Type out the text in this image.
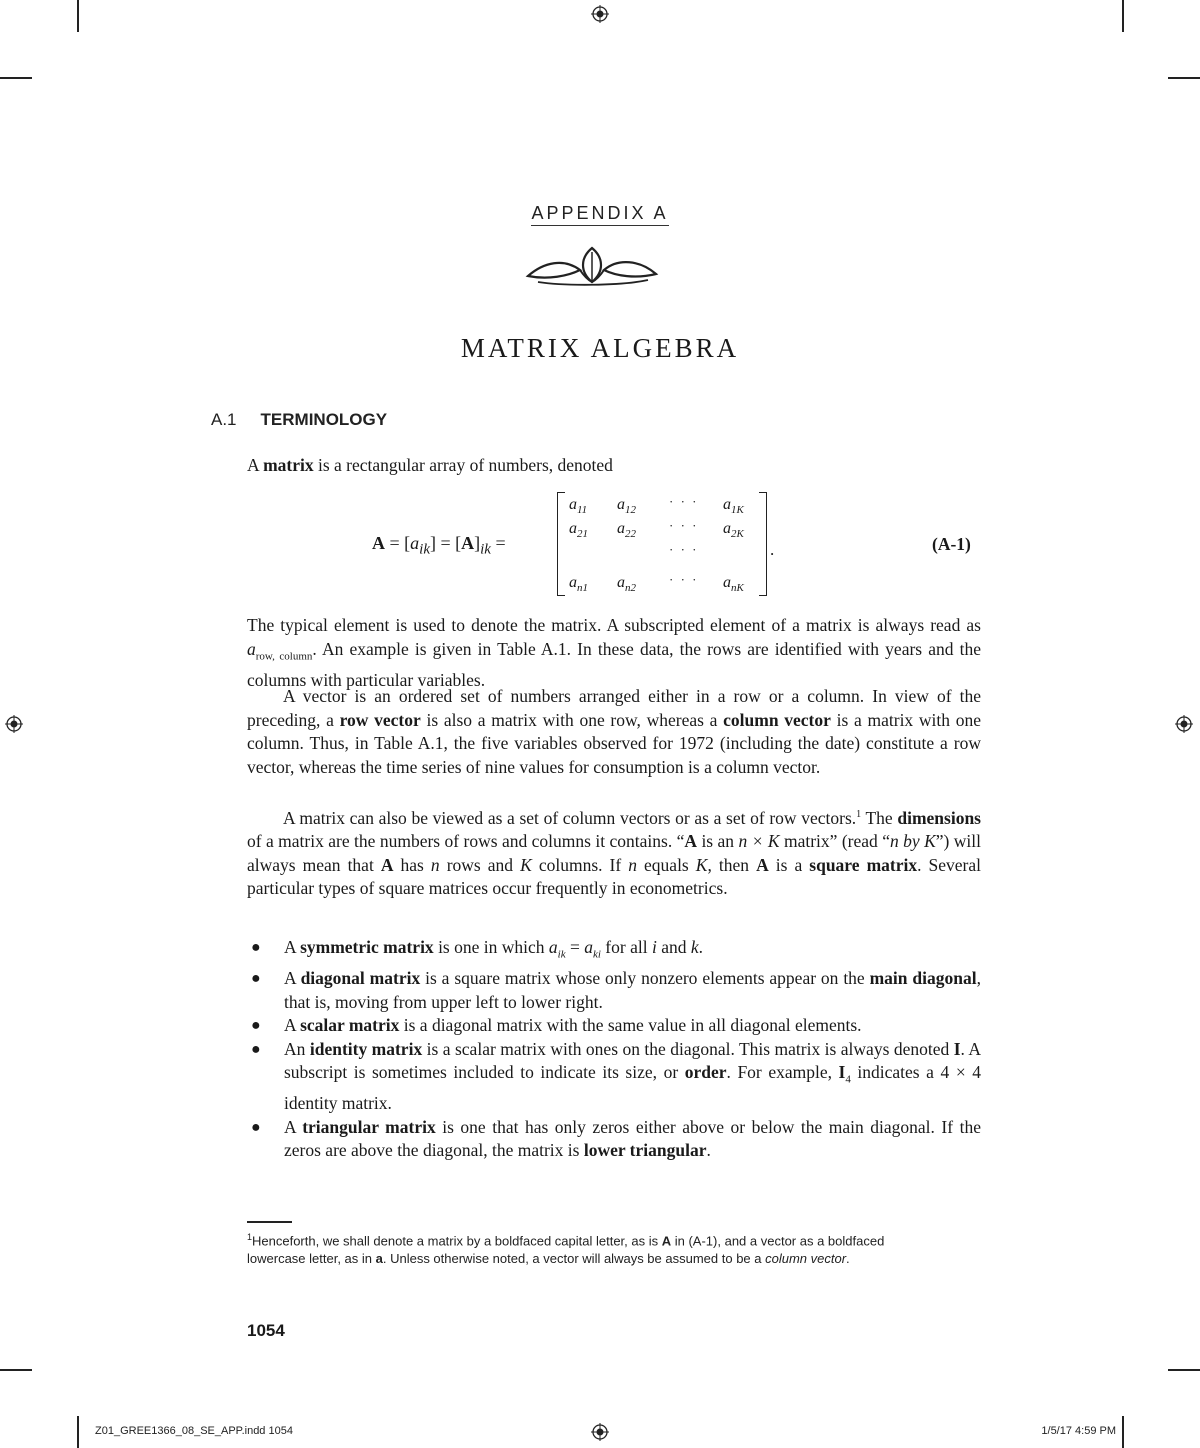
APPENDIX A
MATRIX ALGEBRA
A.1 TERMINOLOGY
A matrix is a rectangular array of numbers, denoted
$A = [a_{ik}] = [A]_{ik}$ =
$a_{11}$ $a_{12}$
· · · $a_{1K}$
$a_{21}$ $a_{22}$
· · · $a_{2K}$
· · ·
$a_{n1}$ $a_{n2}$
· · · $a_{nK}$
.	(A-1)

The typical element is used to denote the matrix. A subscripted element of a matrix is always read as $a_{row, column}$. An example is given in Table A.1. In these data, the rows are identified with years and the columns with particular variables.

A vector is an ordered set of numbers arranged either in a row or a column. In view of the preceding, a row vector is also a matrix with one row, whereas a column vector is a matrix with one column. Thus, in Table A.1, the five variables observed for 1972 (including the date) constitute a row vector, whereas the time series of nine values for consumption is a column vector.

A matrix can also be viewed as a set of column vectors or as a set of row vectors.$^1$ The dimensions of a matrix are the numbers of rows and columns it contains. “A is an n × K matrix” (read “n by K”) will always mean that A has n rows and K columns. If n equals K, then A is a square matrix. Several particular types of square matrices occur frequently in econometrics.

● A symmetric matrix is one in which $a_{ik} = a_{ki}$ for all i and k.
● A diagonal matrix is a square matrix whose only nonzero elements appear on the main diagonal, that is, moving from upper left to lower right.
● A scalar matrix is a diagonal matrix with the same value in all diagonal elements.
● An identity matrix is a scalar matrix with ones on the diagonal. This matrix is always denoted I. A subscript is sometimes included to indicate its size, or order. For example, $I_4$ indicates a 4 × 4 identity matrix.
● A triangular matrix is one that has only zeros either above or below the main diagonal. If the zeros are above the diagonal, the matrix is lower triangular.
$^1$Henceforth, we shall denote a matrix by a boldfaced capital letter, as is A in (A-1), and a vector as a boldfaced lowercase letter, as in a. Unless otherwise noted, a vector will always be assumed to be a column vector.
1054
Z01_GREE1366_08_SE_APP.indd 1054	1/5/17 4:59 PM
